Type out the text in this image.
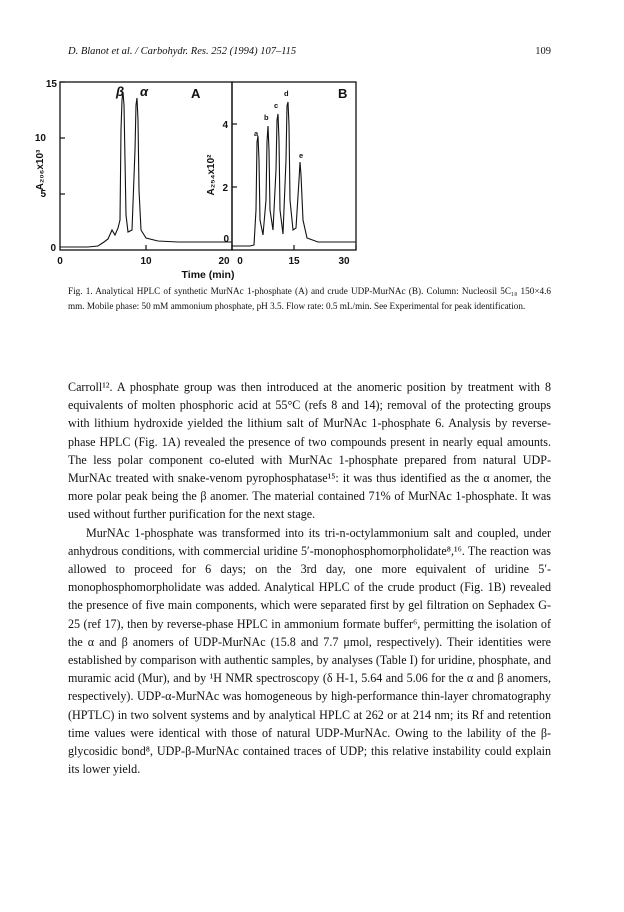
D. Blanot et al. / Carbohydr. Res. 252 (1994) 107–115	109
β α	A
15
10
5
0
A₂₀₆x10³
0	10	20
B
a
b
c
d
e
4
2
0
A₂₅₄x10²
0	15	30
Time (min)
Fig. 1. Analytical HPLC of synthetic MurNAc 1-phosphate (A) and crude UDP-MurNAc (B). Column: Nucleosil 5C₁₈ 150×4.6 mm. Mobile phase: 50 mM ammonium phosphate, pH 3.5. Flow rate: 0.5 mL/min. See Experimental for peak identification.

Carroll¹². A phosphate group was then introduced at the anomeric position by treatment with 8 equivalents of molten phosphoric acid at 55°C (refs 8 and 14); removal of the protecting groups with lithium hydroxide yielded the lithium salt of MurNAc 1-phosphate 6. Analysis by reverse-phase HPLC (Fig. 1A) revealed the presence of two compounds present in nearly equal amounts. The less polar component co-eluted with MurNAc 1-phosphate prepared from natural UDP-MurNAc treated with snake-venom pyrophosphatase¹⁵: it was thus identified as the α anomer, the more polar peak being the β anomer. The material contained 71% of MurNAc 1-phosphate. It was used without further purification for the next stage.

MurNAc 1-phosphate was transformed into its tri-n-octylammonium salt and coupled, under anhydrous conditions, with commercial uridine 5′-monophosphomorpholidate⁸,¹⁶. The reaction was allowed to proceed for 6 days; on the 3rd day, one more equivalent of uridine 5′-monophosphomorpholidate was added. Analytical HPLC of the crude product (Fig. 1B) revealed the presence of five main components, which were separated first by gel filtration on Sephadex G-25 (ref 17), then by reverse-phase HPLC in ammonium formate buffer⁶, permitting the isolation of the α and β anomers of UDP-MurNAc (15.8 and 7.7 μmol, respectively). Their identities were established by comparison with authentic samples, by analyses (Table I) for uridine, phosphate, and muramic acid (Mur), and by ¹H NMR spectroscopy (δ H-1, 5.64 and 5.06 for the α and β anomers, respectively). UDP-α-MurNAc was homogeneous by high-performance thin-layer chromatography (HPTLC) in two solvent systems and by analytical HPLC at 262 or at 214 nm; its Rf and retention time values were identical with those of natural UDP-MurNAc. Owing to the lability of the β-glycosidic bond⁸, UDP-β-MurNAc contained traces of UDP; this relative instability could explain its lower yield.
